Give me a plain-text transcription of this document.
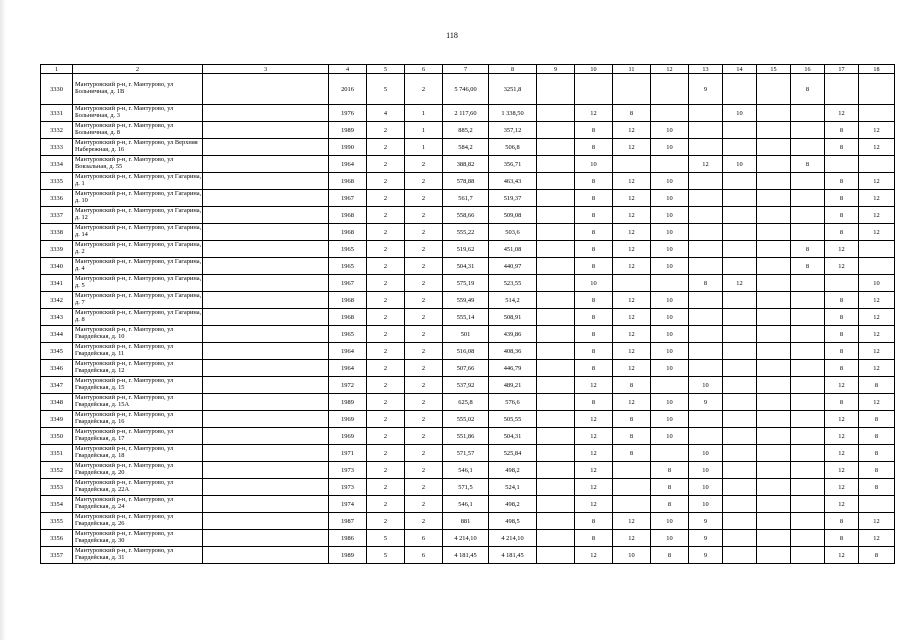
118
1	2	3	4	5	6	7	8	9	10	11	12	13	14	15	16	17	18
3330	Мантуровский р-н, г. Мантурово, ул Больничная, д. 1В		2016	5	2	5 746,00	3251,8					9			8		
3331	Мантуровский р-н, г. Мантурово, ул Больничная, д. 3		1976	4	1	2 117,60	1 338,50		12	8			10			12	
3332	Мантуровский р-н, г. Мантурово, ул Больничная, д. 8		1989	2	1	885,2	357,12		8	12	10					8	12
3333	Мантуровский р-н, г. Мантурово, ул Верхняя Набережная, д. 16		1990	2	1	584,2	506,8		8	12	10					8	12
3334	Мантуровский р-н, г. Мантурово, ул Вокзальная, д. 55		1964	2	2	388,82	356,71		10			12	10		8		
3335	Мантуровский р-н, г. Мантурово, ул Гагарина, д. 1		1968	2	2	578,88	463,43		8	12	10					8	12
3336	Мантуровский р-н, г. Мантурово, ул Гагарина, д. 10		1967	2	2	561,7	519,37		8	12	10					8	12
3337	Мантуровский р-н, г. Мантурово, ул Гагарина, д. 12		1968	2	2	558,66	509,08		8	12	10					8	12
3338	Мантуровский р-н, г. Мантурово, ул Гагарина, д. 14		1968	2	2	555,22	503,6		8	12	10					8	12
3339	Мантуровский р-н, г. Мантурово, ул Гагарина, д. 2		1965	2	2	519,62	451,08		8	12	10				8	12	
3340	Мантуровский р-н, г. Мантурово, ул Гагарина, д. 4		1965	2	2	504,31	440,97		8	12	10				8	12	
3341	Мантуровский р-н, г. Мантурово, ул Гагарина, д. 5		1967	2	2	575,19	523,55		10			8	12				10
3342	Мантуровский р-н, г. Мантурово, ул Гагарина, д. 7		1968	2	2	559,49	514,2		8	12	10					8	12
3343	Мантуровский р-н, г. Мантурово, ул Гагарина, д. 8		1968	2	2	555,14	508,91		8	12	10					8	12
3344	Мантуровский р-н, г. Мантурово, ул Гвардейская, д. 10		1965	2	2	501	439,86		8	12	10					8	12
3345	Мантуровский р-н, г. Мантурово, ул Гвардейская, д. 11		1964	2	2	516,08	408,36		8	12	10					8	12
3346	Мантуровский р-н, г. Мантурово, ул Гвардейская, д. 12		1964	2	2	507,66	446,79		8	12	10					8	12
3347	Мантуровский р-н, г. Мантурово, ул Гвардейская, д. 15		1972	2	2	537,92	489,21		12	8		10				12	8
3348	Мантуровский р-н, г. Мантурово, ул Гвардейская, д. 15А		1989	2	2	625,8	576,6		8	12	10	9				8	12
3349	Мантуровский р-н, г. Мантурово, ул Гвардейская, д. 16		1969	2	2	555,02	505,55		12	8	10					12	8
3350	Мантуровский р-н, г. Мантурово, ул Гвардейская, д. 17		1969	2	2	551,86	504,31		12	8	10					12	8
3351	Мантуровский р-н, г. Мантурово, ул Гвардейская, д. 18		1971	2	2	571,57	525,84		12	8		10				12	8
3352	Мантуровский р-н, г. Мантурово, ул Гвардейская, д. 20		1973	2	2	546,1	498,2		12		8	10				12	8
3353	Мантуровский р-н, г. Мантурово, ул Гвардейская, д. 22А		1973	2	2	571,5	524,1		12		8	10				12	8
3354	Мантуровский р-н, г. Мантурово, ул Гвардейская, д. 24		1974	2	2	546,1	498,2		12		8	10				12	
3355	Мантуровский р-н, г. Мантурово, ул Гвардейская, д. 26		1987	2	2	881	498,5		8	12	10	9				8	12
3356	Мантуровский р-н, г. Мантурово, ул Гвардейская, д. 30		1986	5	6	4 214,10	4 214,10		8	12	10	9				8	12
3357	Мантуровский р-н, г. Мантурово, ул Гвардейская, д. 31		1989	5	6	4 181,45	4 181,45		12	10	8	9				12	8
